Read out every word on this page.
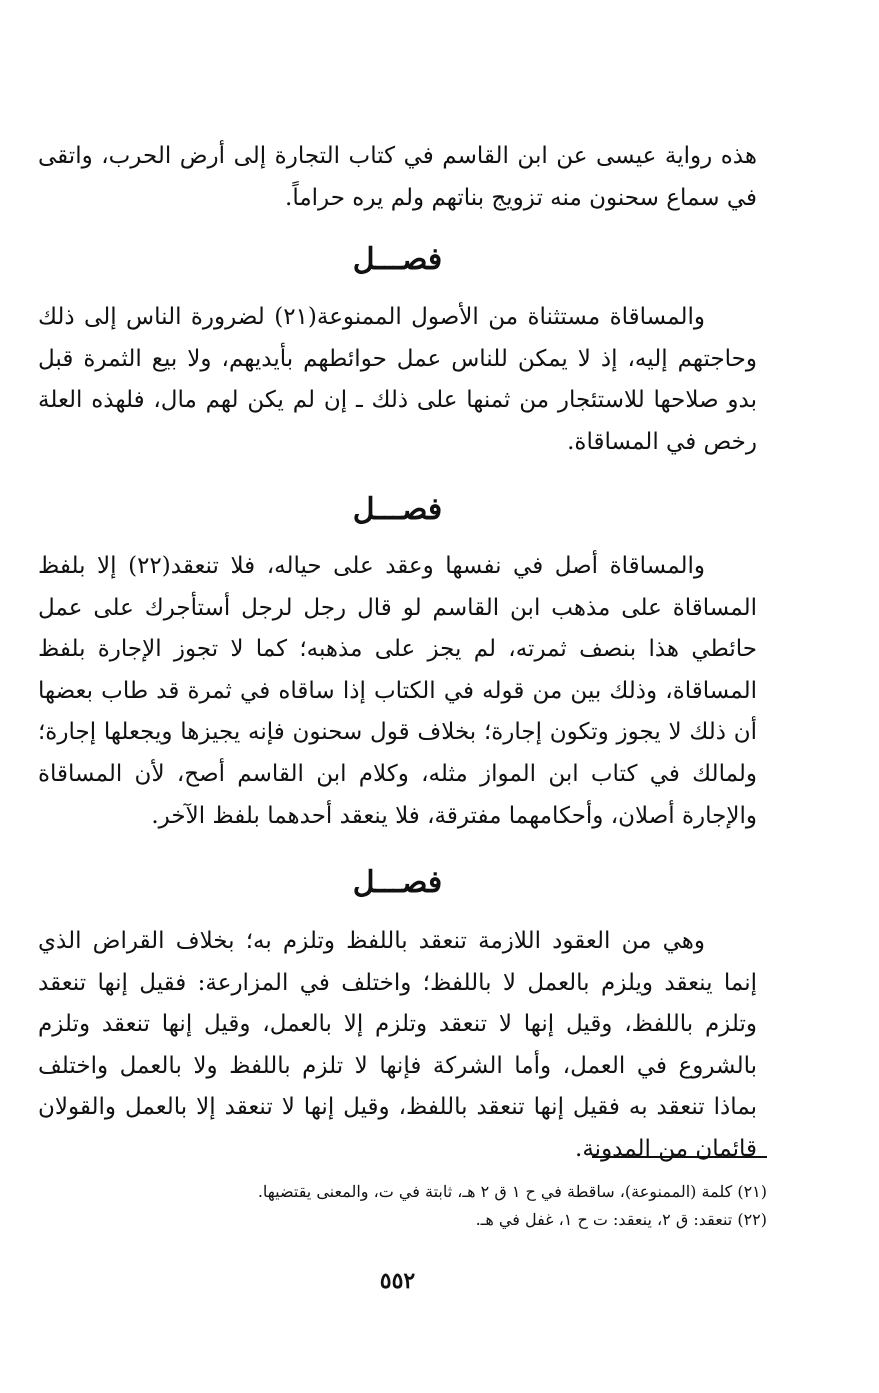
هذه رواية عيسى عن ابن القاسم في كتاب التجارة إلى أرض الحرب، واتقى في سماع سحنون منه تزويج بناتهم ولم يره حراماً.

فصـــل

والمساقاة مستثناة من الأصول الممنوعة(٢١) لضرورة الناس إلى ذلك وحاجتهم إليه، إذ لا يمكن للناس عمل حوائطهم بأيديهم، ولا بيع الثمرة قبل بدو صلاحها للاستئجار من ثمنها على ذلك ـ إن لم يكن لهم مال، فلهذه العلة رخص في المساقاة.

فصـــل

والمساقاة أصل في نفسها وعقد على حياله، فلا تنعقد(٢٢) إلا بلفظ المساقاة على مذهب ابن القاسم لو قال رجل لرجل أستأجرك على عمل حائطي هذا بنصف ثمرته، لم يجز على مذهبه؛ كما لا تجوز الإجارة بلفظ المساقاة، وذلك بين من قوله في الكتاب إذا ساقاه في ثمرة قد طاب بعضها أن ذلك لا يجوز وتكون إجارة؛ بخلاف قول سحنون فإنه يجيزها ويجعلها إجارة؛ ولمالك في كتاب ابن المواز مثله، وكلام ابن القاسم أصح، لأن المساقاة والإجارة أصلان، وأحكامهما مفترقة، فلا ينعقد أحدهما بلفظ الآخر.

فصـــل

وهي من العقود اللازمة تنعقد باللفظ وتلزم به؛ بخلاف القراض الذي إنما ينعقد ويلزم بالعمل لا باللفظ؛ واختلف في المزارعة: فقيل إنها تنعقد وتلزم باللفظ، وقيل إنها لا تنعقد وتلزم إلا بالعمل، وقيل إنها تنعقد وتلزم بالشروع في العمل، وأما الشركة فإنها لا تلزم باللفظ ولا بالعمل واختلف بماذا تنعقد به فقيل إنها تنعقد باللفظ، وقيل إنها لا تنعقد إلا بالعمل والقولان قائمان من المدونة.

(٢١) كلمة (الممنوعة)، ساقطة في ح ١ ق ٢ هـ، ثابتة في ت، والمعنى يقتضيها.

(٢٢) تنعقد: ق ٢، ينعقد: ت ح ١، غفل في هـ.

٥٥٢
